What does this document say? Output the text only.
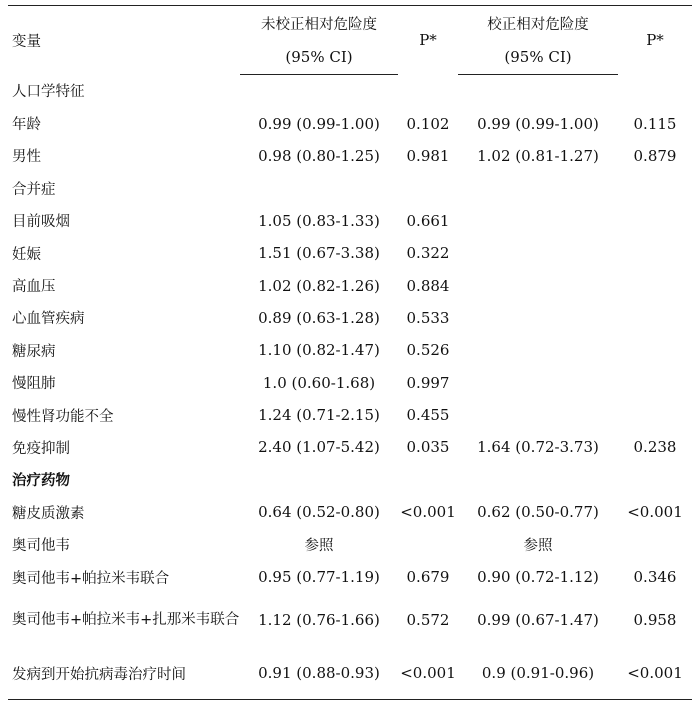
变量	未校正相对危险度	P*	校正相对危险度	P*
	(95% CI)		(95% CI)	
人口学特征				
年龄	0.99 (0.99-1.00)	0.102	0.99 (0.99-1.00)	0.115
男性	0.98 (0.80-1.25)	0.981	1.02 (0.81-1.27)	0.879
合并症				
目前吸烟	1.05 (0.83-1.33)	0.661		
妊娠	1.51 (0.67-3.38)	0.322		
高血压	1.02 (0.82-1.26)	0.884		
心血管疾病	0.89 (0.63-1.28)	0.533		
糖尿病	1.10 (0.82-1.47)	0.526		
慢阻肺	1.0 (0.60-1.68)	0.997		
慢性肾功能不全	1.24 (0.71-2.15)	0.455		
免疫抑制	2.40 (1.07-5.42)	0.035	1.64 (0.72-3.73)	0.238
治疗药物				
糖皮质激素	0.64 (0.52-0.80)	<0.001	0.62 (0.50-0.77)	<0.001
奥司他韦	参照		参照	
奥司他韦+帕拉米韦联合	0.95 (0.77-1.19)	0.679	0.90 (0.72-1.12)	0.346
奥司他韦+帕拉米韦+扎那米韦联合	1.12 (0.76-1.66)	0.572	0.99 (0.67-1.47)	0.958
发病到开始抗病毒治疗时间	0.91 (0.88-0.93)	<0.001	0.9 (0.91-0.96)	<0.001
